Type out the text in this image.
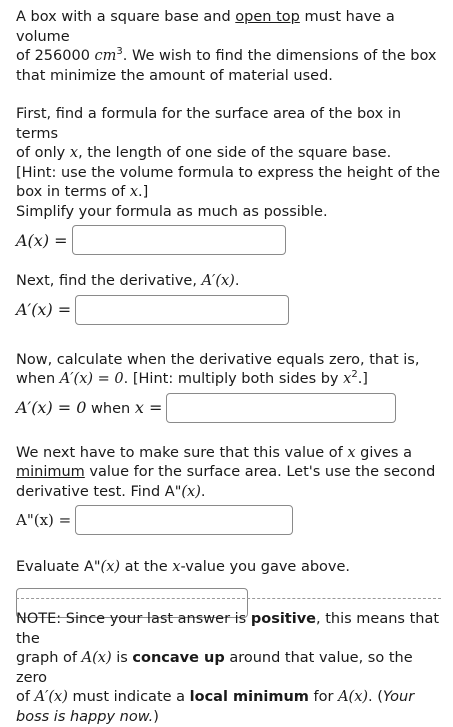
A box with a square base and open top must have a volume

of 256000 $cm^3$. We wish to find the dimensions of the box

that minimize the amount of material used.

First, find a formula for the surface area of the box in terms

of only x, the length of one side of the square base.

[Hint: use the volume formula to express the height of the

box in terms of x.]

Simplify your formula as much as possible.

A(x) =

Next, find the derivative, A′(x).

A′(x) =

Now, calculate when the derivative equals zero, that is,

when A′(x) = 0. [Hint: multiply both sides by $x^2$.]

A′(x) = 0 when x =

We next have to make sure that this value of x gives a

minimum value for the surface area. Let's use the second

derivative test. Find A"(x).

A"(x) =

Evaluate A"(x) at the x-value you gave above.

NOTE: Since your last answer is positive, this means that the

graph of A(x) is concave up around that value, so the zero

of A′(x) must indicate a local minimum for A(x). (Your

boss is happy now.)
